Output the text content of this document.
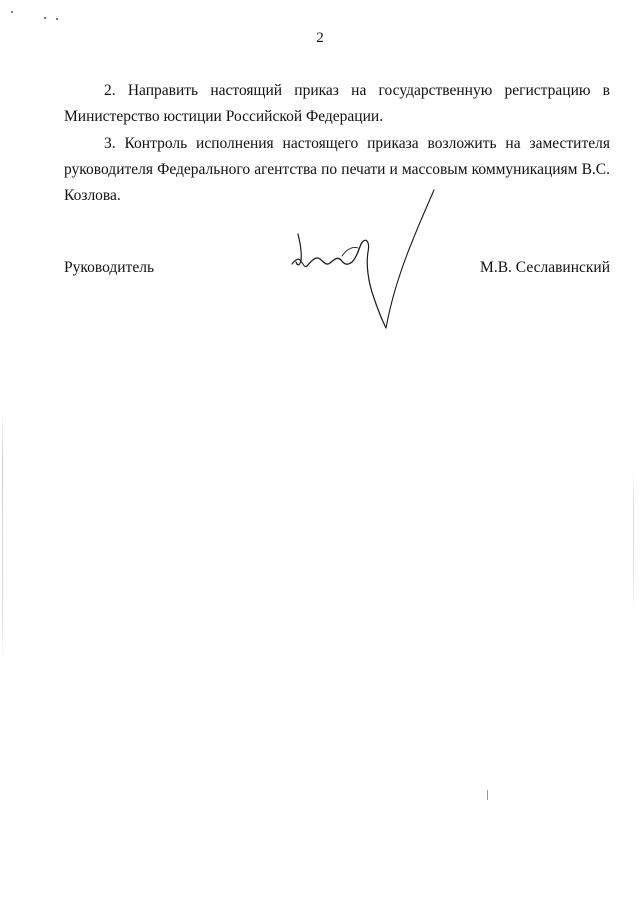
2

2. Направить настоящий приказ на государственную регистрацию в Министерство юстиции Российской Федерации.

3. Контроль исполнения настоящего приказа возложить на заместителя руководителя Федерального агентства по печати и массовым коммуникациям В.С. Козлова.

Руководитель	М.В. Сеславинский
